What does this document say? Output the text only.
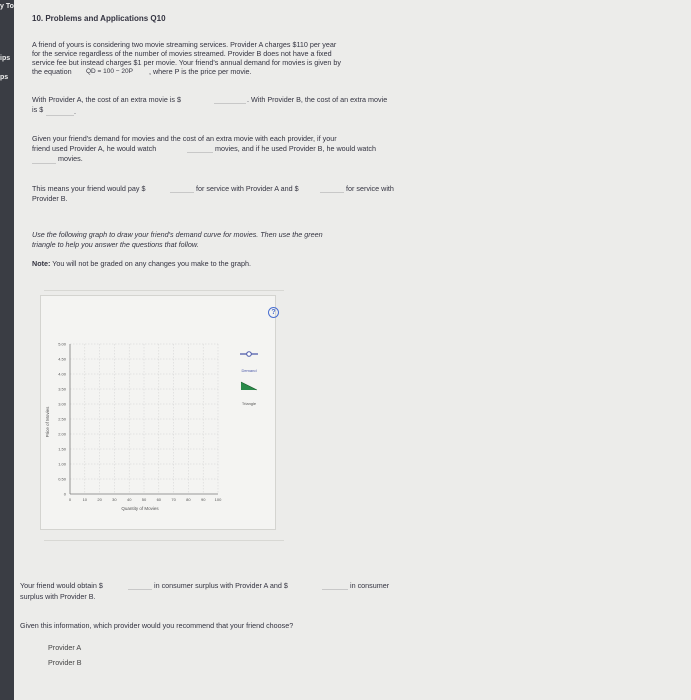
y To
ips
ps
10. Problems and Applications Q10
A friend of yours is considering two movie streaming services. Provider A charges $110 per year
for the service regardless of the number of movies streamed. Provider B does not have a fixed
service fee but instead charges $1 per movie. Your friend's annual demand for movies is given by
the equation QD = 100 − 20P , where P is the price per movie.
With Provider A, the cost of an extra movie is $	. With Provider B, the cost of an extra movie
is $	.
Given your friend's demand for movies and the cost of an extra movie with each provider, if your
friend used Provider A, he would watch	movies, and if he used Provider B, he would watch
movies.
This means your friend would pay $	for service with Provider A and $	for service with
Provider B.
Use the following graph to draw your friend's demand curve for movies. Then use the green
triangle to help you answer the questions that follow.
Note: You will not be graded on any changes you make to the graph.
?
5.00
4.50
4.00
3.50
3.00
2.50
2.00
1.50
1.00
0.50
0
0	10	20	30	40	50	60	70	80	90 100
Price of Movies
Quantity of Movies
Demand
Triangle
Your friend would obtain $	in consumer surplus with Provider A and $	in consumer
surplus with Provider B.
Given this information, which provider would you recommend that your friend choose?
Provider A
Provider B
